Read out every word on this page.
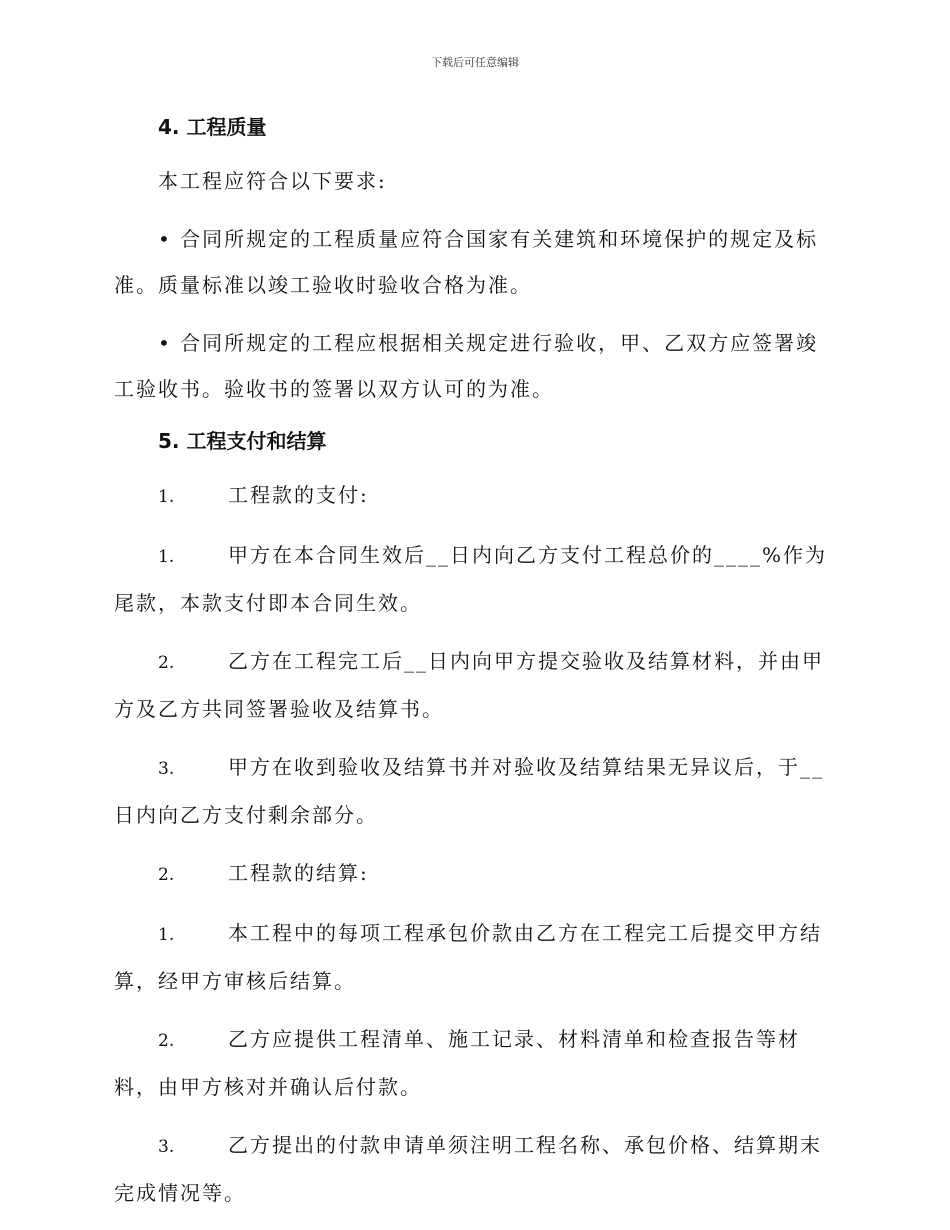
下载后可任意编辑
4. 工程质量

本工程应符合以下要求:

• 合同所规定的工程质量应符合国家有关建筑和环境保护的规定及标准。质量标准以竣工验收时验收合格为准。

• 合同所规定的工程应根据相关规定进行验收，甲、乙双方应签署竣工验收书。验收书的签署以双方认可的为准。

5. 工程支付和结算

1.	工程款的支付:

1.	甲方在本合同生效后__日内向乙方支付工程总价的____%作为尾款，本款支付即本合同生效。

2.	乙方在工程完工后__日内向甲方提交验收及结算材料，并由甲方及乙方共同签署验收及结算书。

3.	甲方在收到验收及结算书并对验收及结算结果无异议后，于__日内向乙方支付剩余部分。

2.	工程款的结算:

1.	本工程中的每项工程承包价款由乙方在工程完工后提交甲方结算，经甲方审核后结算。

2.	乙方应提供工程清单、施工记录、材料清单和检查报告等材料，由甲方核对并确认后付款。

3.	乙方提出的付款申请单须注明工程名称、承包价格、结算期末完成情况等。
